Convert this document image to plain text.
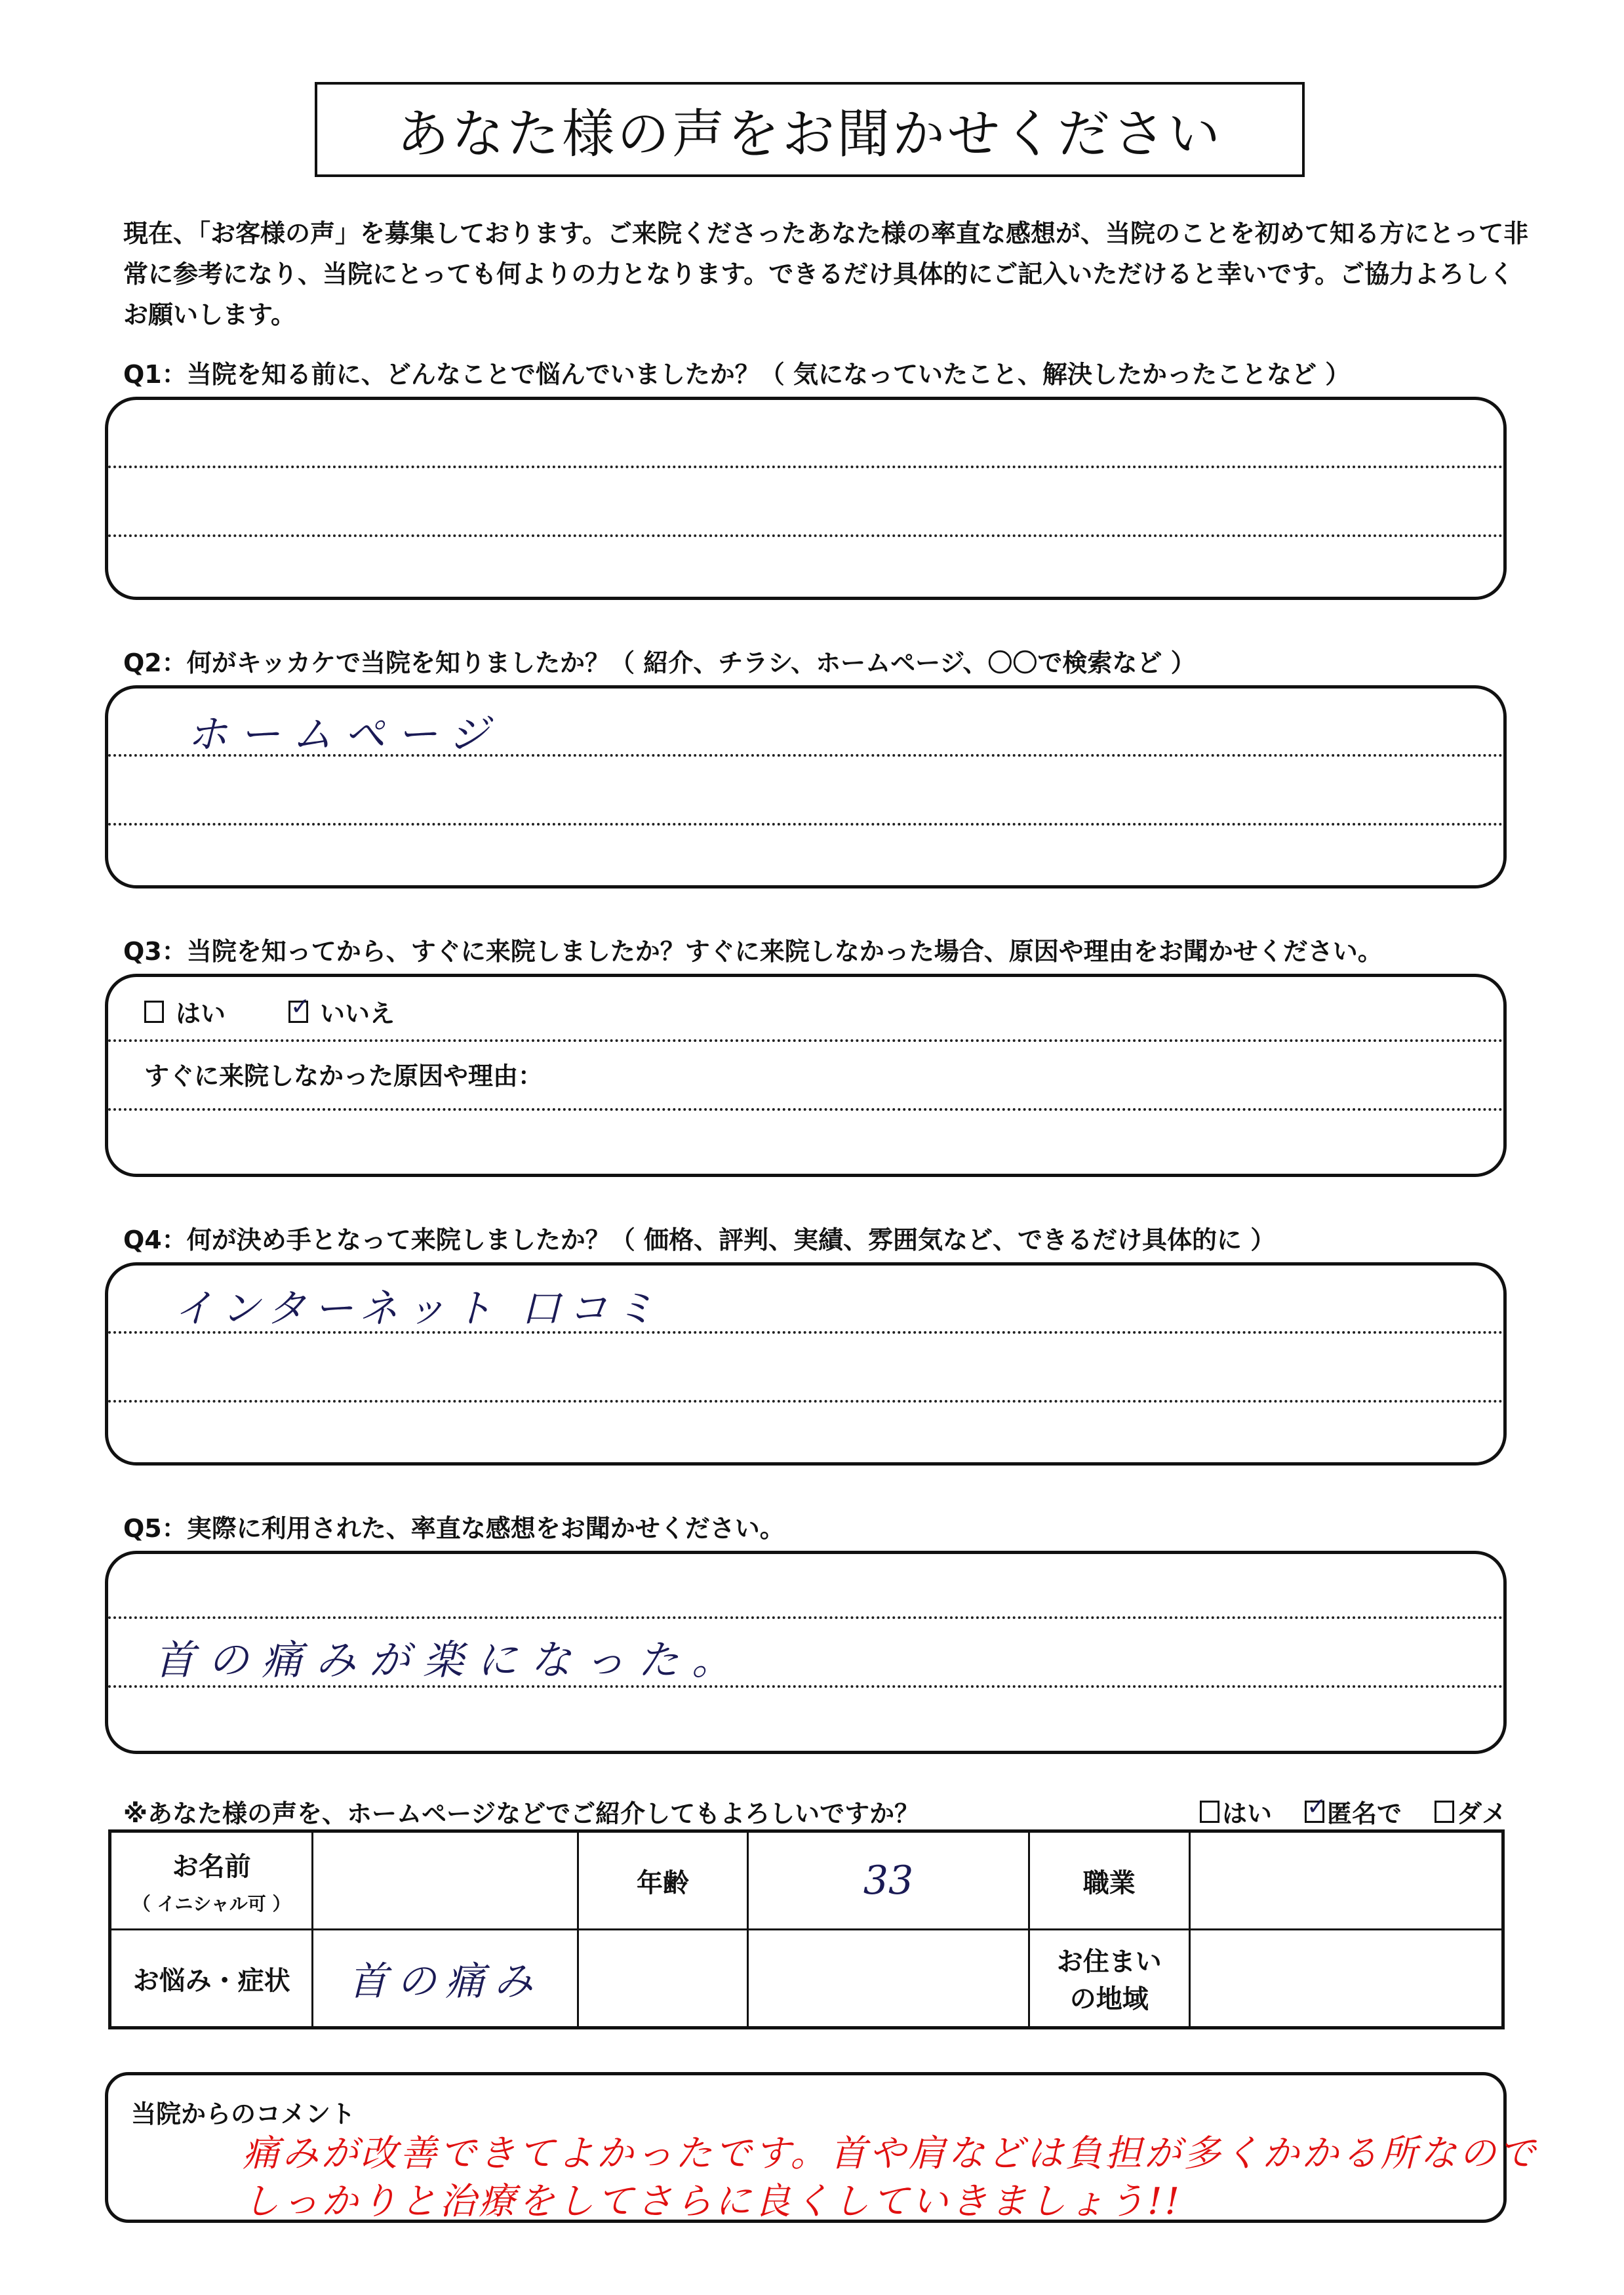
あなた様の声をお聞かせください
現在、「お客様の声」を募集しております。ご来院くださったあなた様の率直な感想が、当院のことを初めて知る方にとって非常に参考になり、当院にとっても何よりの力となります。できるだけ具体的にご記入いただけると幸いです。ご協力よろしくお願いします。
Q1：当院を知る前に、どんなことで悩んでいましたか？（ 気になっていたこと、解決したかったことなど ）
Q2：何がキッカケで当院を知りましたか？（ 紹介、チラシ、ホームページ、〇〇で検索など ）
ホームページ
Q3：当院を知ってから、すぐに来院しましたか？すぐに来院しなかった場合、原因や理由をお聞かせください。
はい ✓	いいえ
すぐに来院しなかった原因や理由：
Q4：何が決め手となって来院しましたか？（ 価格、評判、実績、雰囲気など、できるだけ具体的に ）
インターネット 口コミ
Q5：実際に利用された、率直な感想をお聞かせください。
首の痛みが楽になった。
※あなた様の声を、ホームページなどでご紹介してもよろしいですか？	はい ✓ 匿名で ダメ
お名前
（ イニシャル可 ）		年齢	33	職業	
お悩み・症状	首の痛み			お住まいの地域	
当院からのコメント
痛みが改善できてよかったです。首や肩などは負担が多くかかる所なので
しっかりと治療をしてさらに良くしていきましょう!!
